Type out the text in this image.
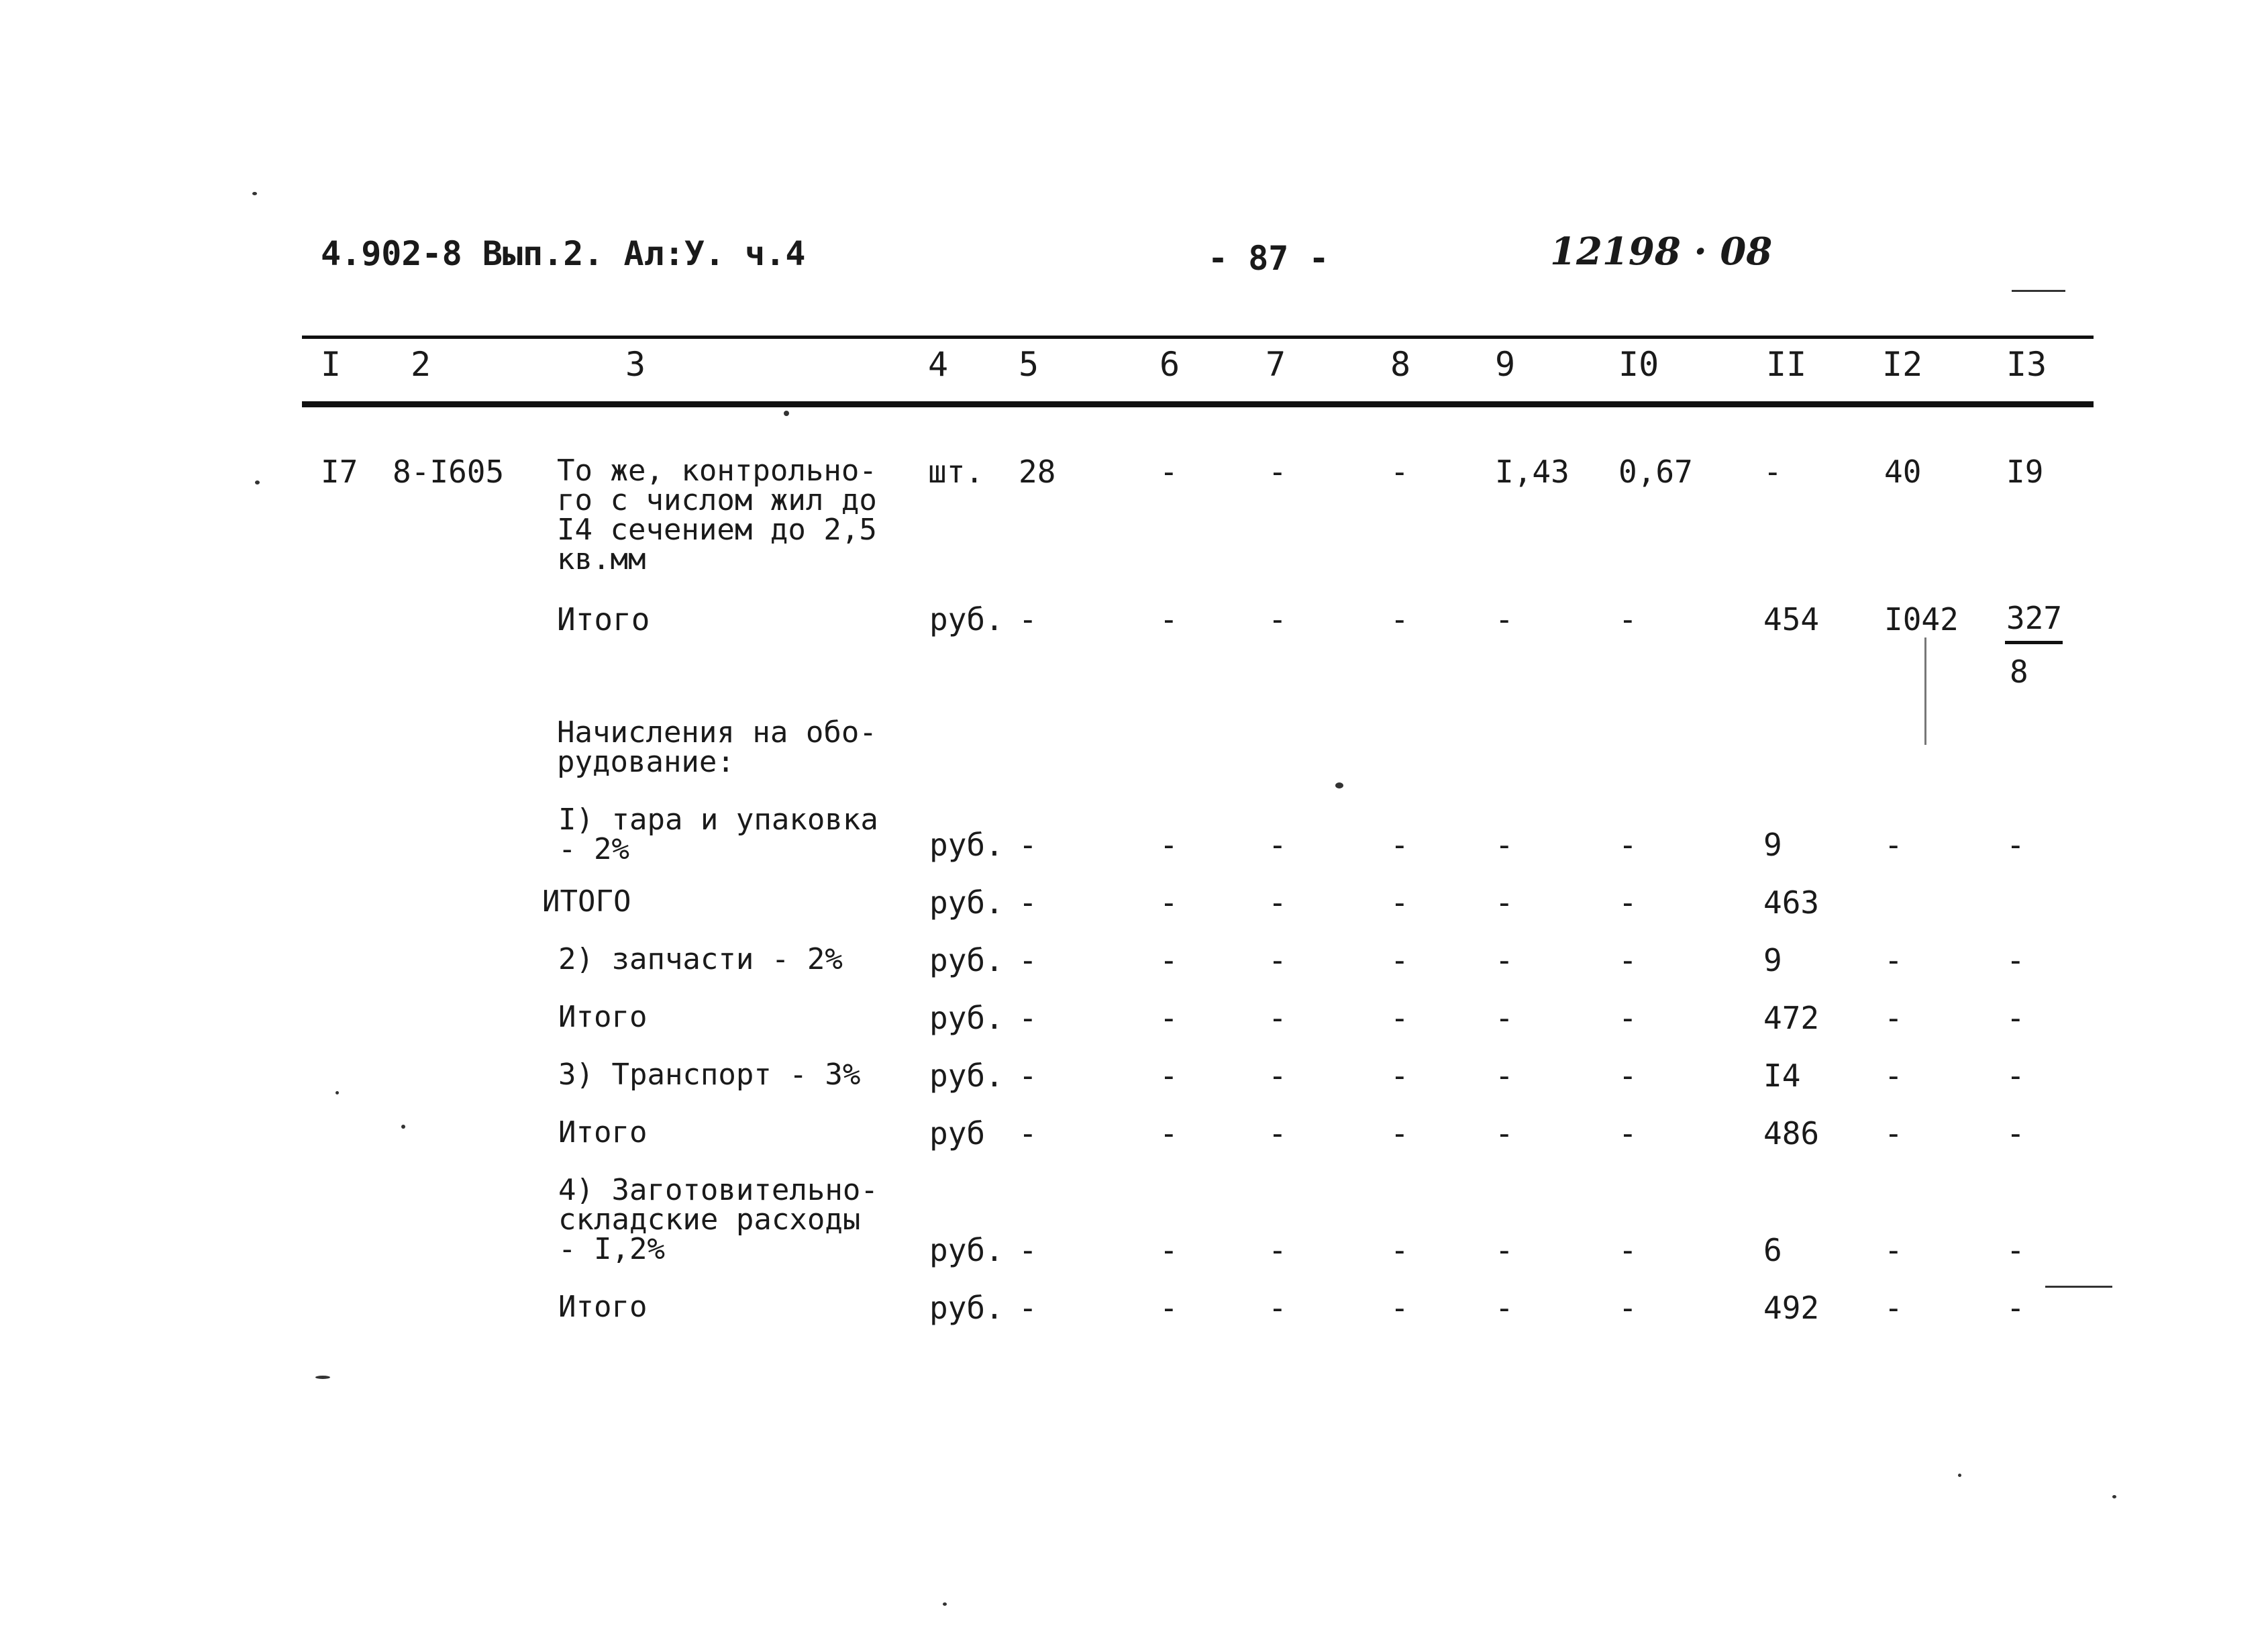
4.902-8 Вып.2. Ал:У. ч.4	- 87 -	12198 · 08
I 2	3	4 5	6	7	8	9	I0	II I2 I3
I7 8-I605 То же, контрольно-
го с числом жил до
I4 сечением до 2,5
кв.мм
шт. 28	-	-	-	I,43 0,67 -	40	I9
Итого	руб. -	-	-	-	-	-	454 I042 327
8
Начисления на обо-
рудование:
I) тара и упаковка
- 2%	руб. -	-	-	-	-	-	9	-	-
ИТОГО	руб. -	-	-	-	-	-	463
2) запчасти - 2%	руб. -	-	-	-	-	-	9	-	-
Итого	руб. -	-	-	-	-	-	472 -	-
3) Транспорт - 3% руб. -	-	-	-	-	-	I4	-	-
Итого	руб -	-	-	-	-	-	486 -	-
4) Заготовительно-
складские расходы
- I,2%	руб. -	-	-	-	-	-	6	-	-
Итого	руб. -	-	-	-	-	-	492 -	-
